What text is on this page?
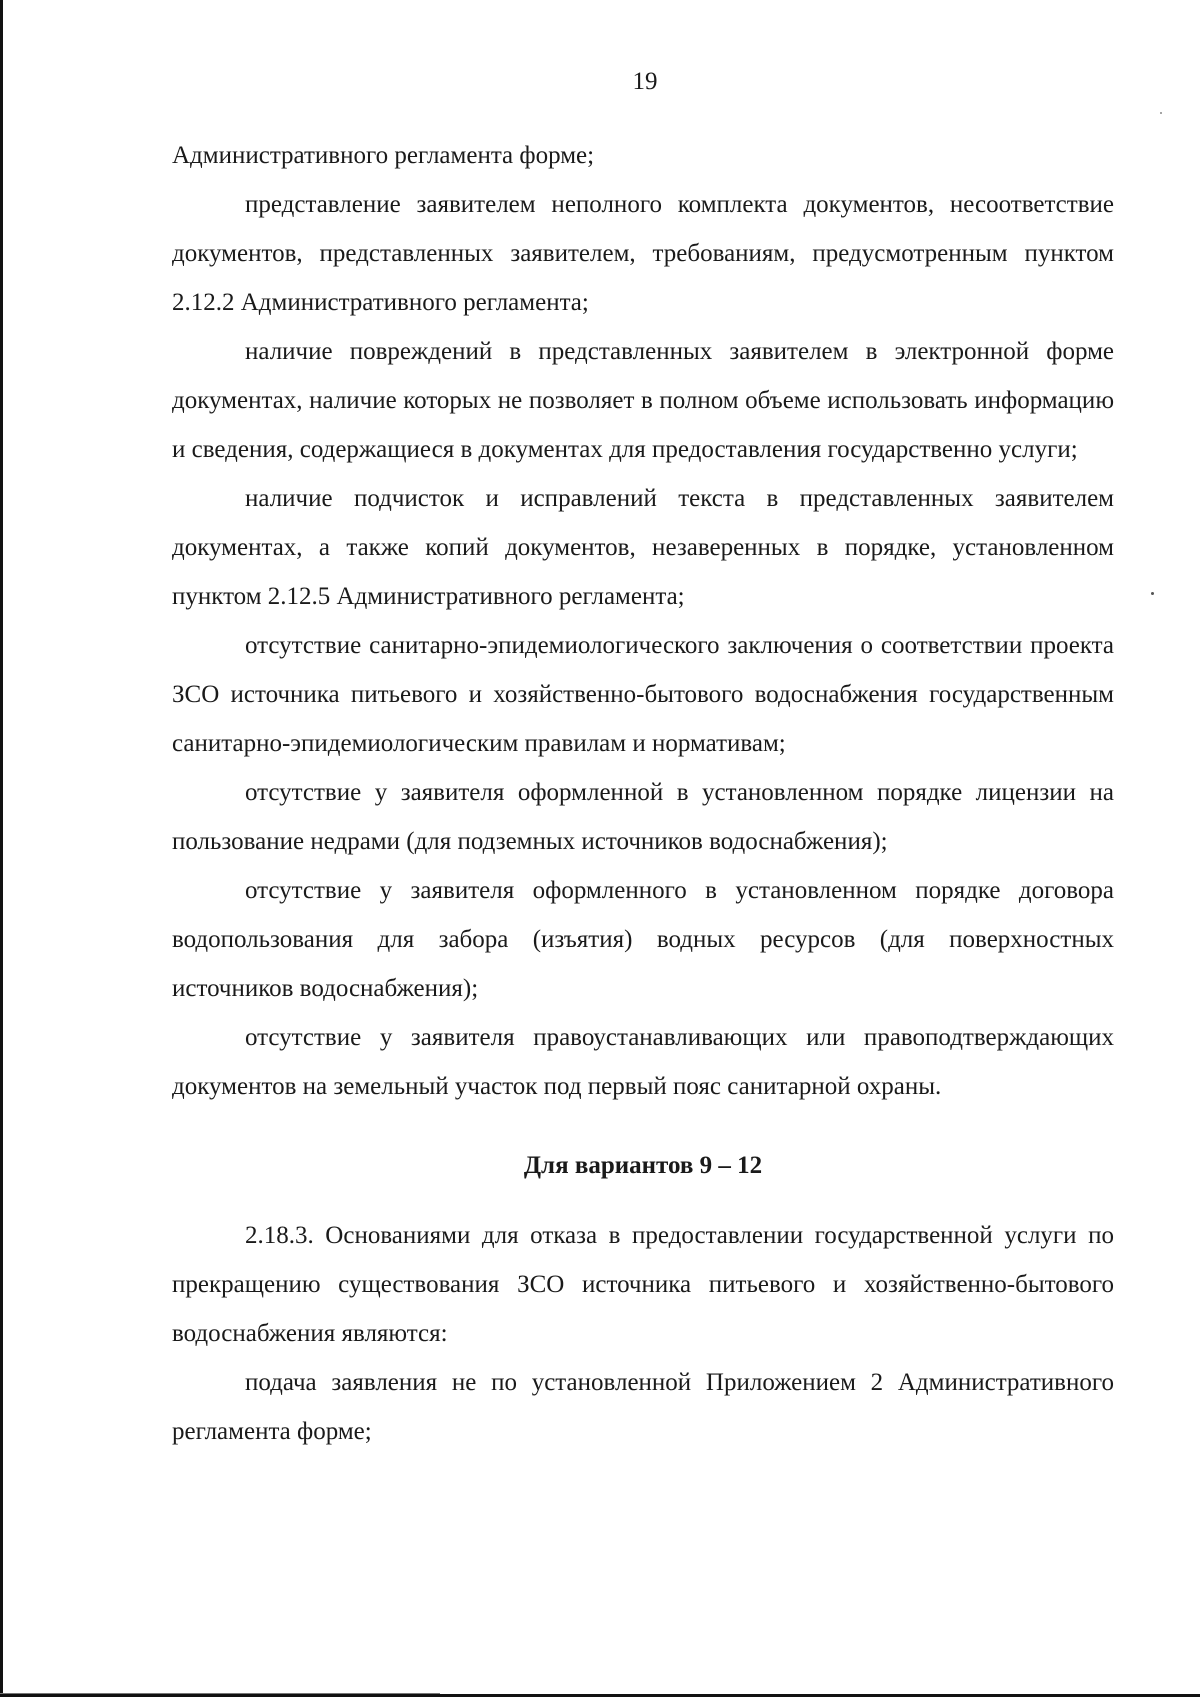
19

Административного регламента форме;

представление заявителем неполного комплекта документов, несоответствие документов, представленных заявителем, требованиям, предусмотренным пунктом 2.12.2 Административного регламента;

наличие повреждений в представленных заявителем в электронной форме документах, наличие которых не позволяет в полном объеме использовать информацию и сведения, содержащиеся в документах для предоставления государственно услуги;

наличие подчисток и исправлений текста в представленных заявителем документах, а также копий документов, незаверенных в порядке, установленном пунктом 2.12.5 Административного регламента;

отсутствие санитарно-эпидемиологического заключения о соответствии проекта ЗСО источника питьевого и хозяйственно-бытового водоснабжения государственным санитарно-эпидемиологическим правилам и нормативам;

отсутствие у заявителя оформленной в установленном порядке лицензии на пользование недрами (для подземных источников водоснабжения);

отсутствие у заявителя оформленного в установленном порядке договора водопользования для забора (изъятия) водных ресурсов (для поверхностных источников водоснабжения);

отсутствие у заявителя правоустанавливающих или правоподтверждающих документов на земельный участок под первый пояс санитарной охраны.

Для вариантов 9 – 12

2.18.3. Основаниями для отказа в предоставлении государственной услуги по прекращению существования ЗСО источника питьевого и хозяйственно-бытового водоснабжения являются:

подача заявления не по установленной Приложением 2 Административного регламента форме;
